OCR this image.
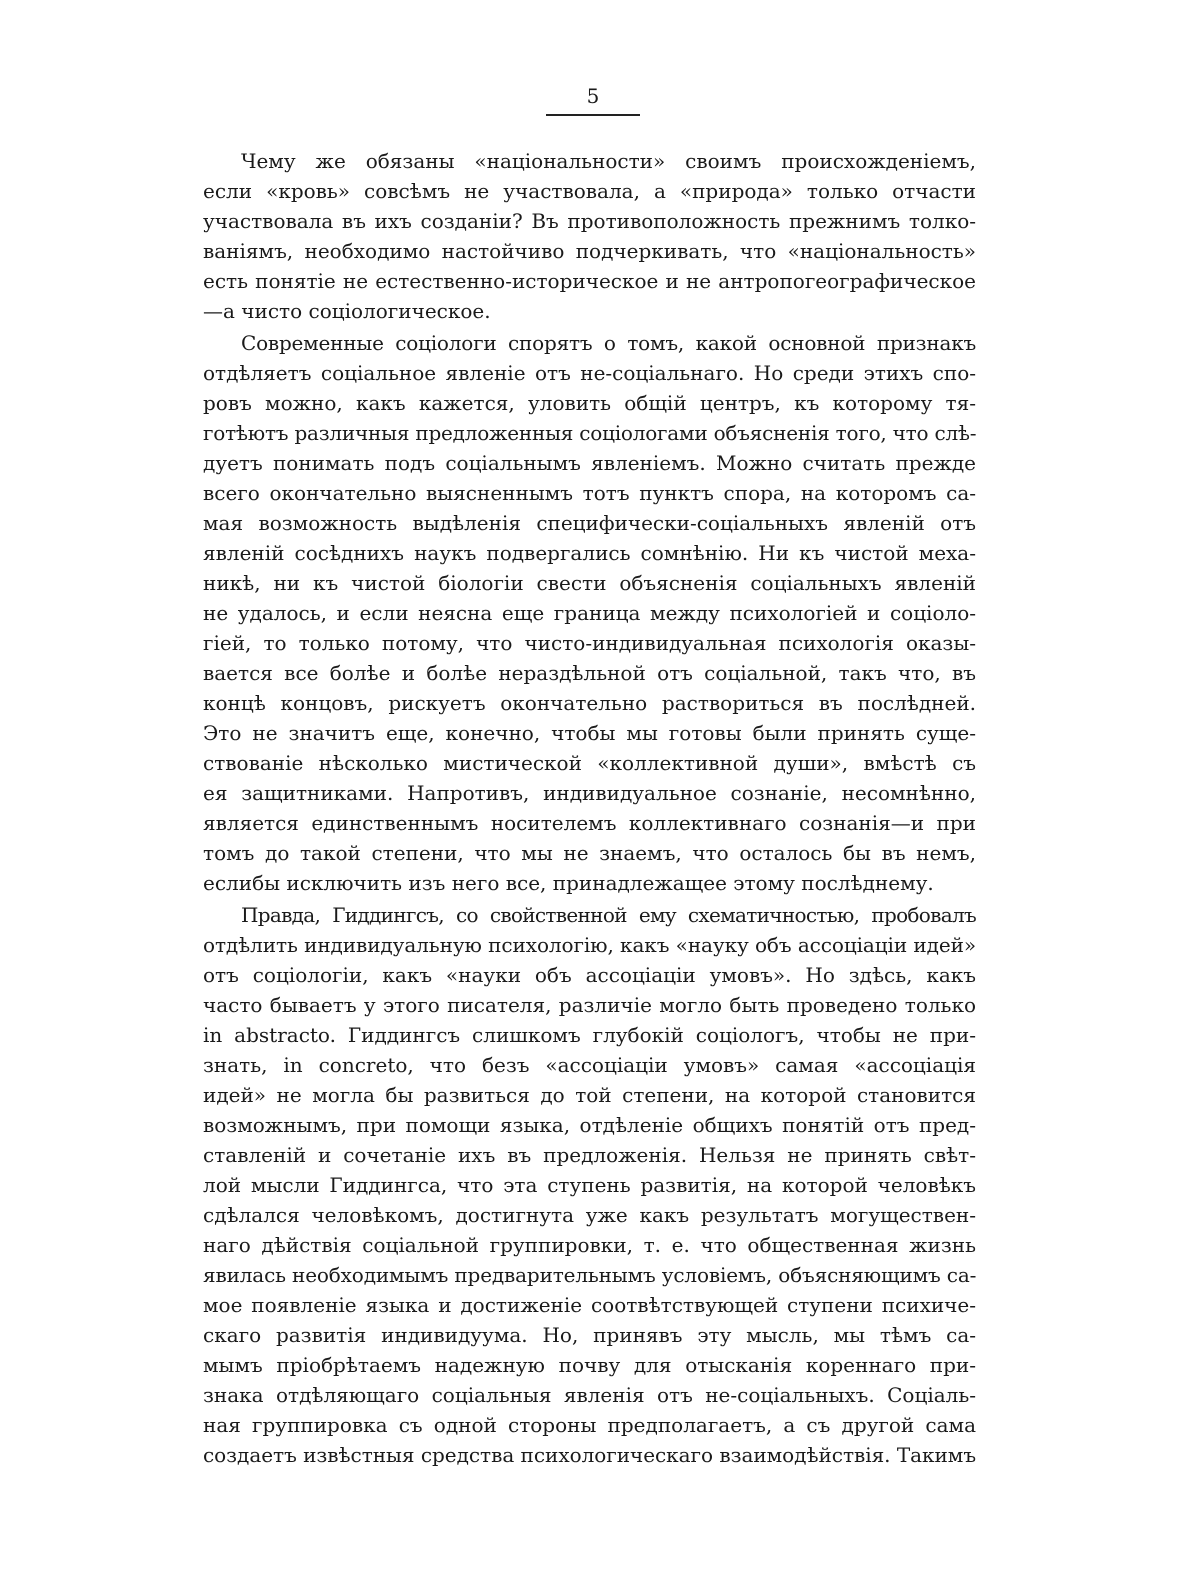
5
Чему же обязаны «національности» своимъ происхожденіемъ,
если «кровь» совсѣмъ не участвовала, а «природа» только отчасти
участвовала въ ихъ созданіи? Въ противоположность прежнимъ толко-
ваніямъ, необходимо настойчиво подчеркивать, что «національность»
есть понятіе не естественно-историческое и не антропогеографическое
—а чисто соціологическое.
Современные соціологи спорятъ о томъ, какой основной признакъ
отдѣляетъ соціальное явленіе отъ не-соціальнаго. Но среди этихъ спо-
ровъ можно, какъ кажется, уловить общій центръ, къ которому тя-
готѣютъ различныя предложенныя соціологами объясненія того, что слѣ-
дуетъ понимать подъ соціальнымъ явленіемъ. Можно считать прежде
всего окончательно выясненнымъ тотъ пунктъ спора, на которомъ са-
мая возможность выдѣленія специфически-соціальныхъ явленій отъ
явленій сосѣднихъ наукъ подвергались сомнѣнію. Ни къ чистой меха-
никѣ, ни къ чистой біологіи свести объясненія соціальныхъ явленій
не удалось, и если неясна еще граница между психологіей и соціоло-
гіей, то только потому, что чисто-индивидуальная психологія оказы-
вается все болѣе и болѣе нераздѣльной отъ соціальной, такъ что, въ
концѣ концовъ, рискуетъ окончательно раствориться въ послѣдней.
Это не значитъ еще, конечно, чтобы мы готовы были принять суще-
ствованіе нѣсколько мистической «коллективной души», вмѣстѣ съ
ея защитниками. Напротивъ, индивидуальное сознаніе, несомнѣнно,
является единственнымъ носителемъ коллективнаго сознанія—и при
томъ до такой степени, что мы не знаемъ, что осталось бы въ немъ,
еслибы исключить изъ него все, принадлежащее этому послѣднему.
Правда, Гиддингсъ, со свойственной ему схематичностью, пробовалъ
отдѣлить индивидуальную психологію, какъ «науку объ ассоціаціи идей»
отъ соціологіи, какъ «науки объ ассоціаціи умовъ». Но здѣсь, какъ
часто бываетъ у этого писателя, различіе могло быть проведено только
in abstracto. Гиддингсъ слишкомъ глубокій соціологъ, чтобы не при-
знать, in concreto, что безъ «ассоціаціи умовъ» самая «ассоціація
идей» не могла бы развиться до той степени, на которой становится
возможнымъ, при помощи языка, отдѣленіе общихъ понятій отъ пред-
ставленій и сочетаніе ихъ въ предложенія. Нельзя не принять свѣт-
лой мысли Гиддингса, что эта ступень развитія, на которой человѣкъ
сдѣлался человѣкомъ, достигнута уже какъ результатъ могуществен-
наго дѣйствія соціальной группировки, т. е. что общественная жизнь
явилась необходимымъ предварительнымъ условіемъ, объясняющимъ са-
мое появленіе языка и достиженіе соотвѣтствующей ступени психиче-
скаго развитія индивидуума. Но, принявъ эту мысль, мы тѣмъ са-
мымъ пріобрѣтаемъ надежную почву для отысканія кореннаго при-
знака отдѣляющаго соціальныя явленія отъ не-соціальныхъ. Соціаль-
ная группировка съ одной стороны предполагаетъ, а съ другой сама
создаетъ извѣстныя средства психологическаго взаимодѣйствія. Такимъ
